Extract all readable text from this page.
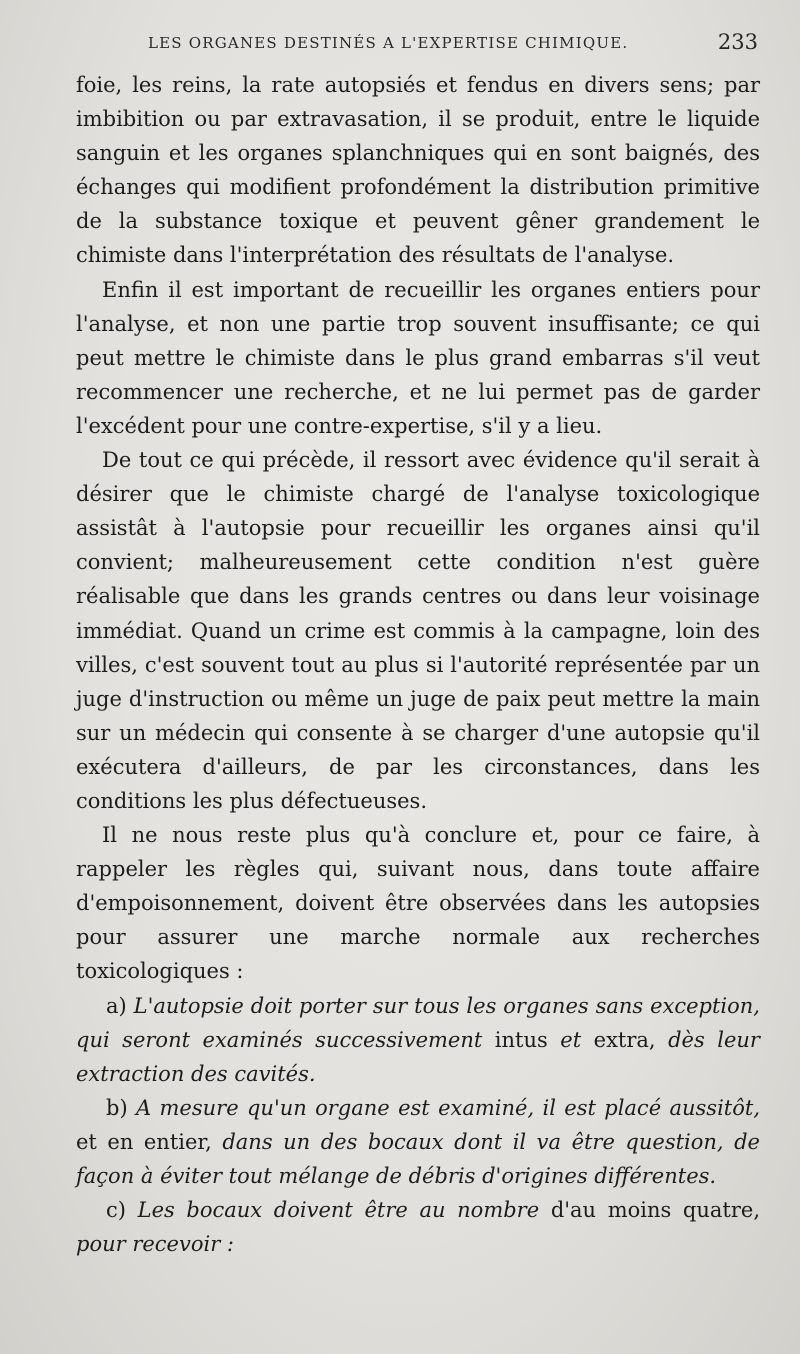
LES ORGANES DESTINÉS A L'EXPERTISE CHIMIQUE.	233

foie, les reins, la rate autopsiés et fendus en divers sens; par imbibition ou par extravasation, il se produit, entre le liquide sanguin et les organes splanchniques qui en sont baignés, des échanges qui modifient profondément la distribution primitive de la substance toxique et peuvent gêner grandement le chimiste dans l'interprétation des résultats de l'analyse.

Enfin il est important de recueillir les organes entiers pour l'analyse, et non une partie trop souvent insuffisante; ce qui peut mettre le chimiste dans le plus grand embarras s'il veut recommencer une recherche, et ne lui permet pas de garder l'excédent pour une contre-expertise, s'il y a lieu.

De tout ce qui précède, il ressort avec évidence qu'il serait à désirer que le chimiste chargé de l'analyse toxicologique assistât à l'autopsie pour recueillir les organes ainsi qu'il convient; malheureusement cette condition n'est guère réalisable que dans les grands centres ou dans leur voisinage immédiat. Quand un crime est commis à la campagne, loin des villes, c'est souvent tout au plus si l'autorité représentée par un juge d'instruction ou même un juge de paix peut mettre la main sur un médecin qui consente à se charger d'une autopsie qu'il exécutera d'ailleurs, de par les circonstances, dans les conditions les plus défectueuses.

Il ne nous reste plus qu'à conclure et, pour ce faire, à rappeler les règles qui, suivant nous, dans toute affaire d'empoisonnement, doivent être observées dans les autopsies pour assurer une marche normale aux recherches toxicologiques :

a) L'autopsie doit porter sur tous les organes sans exception, qui seront examinés successivement intus et extra, dès leur extraction des cavités.

b) A mesure qu'un organe est examiné, il est placé aussitôt, et en entier, dans un des bocaux dont il va être question, de façon à éviter tout mélange de débris d'origines différentes.

c) Les bocaux doivent être au nombre d'au moins quatre, pour recevoir :
